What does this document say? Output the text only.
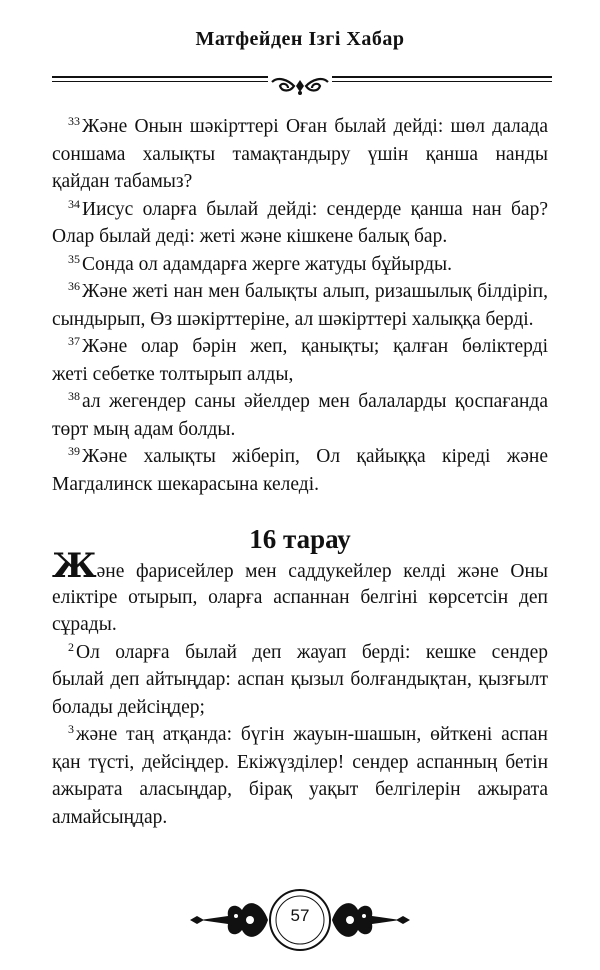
Матфейден Ізгі Хабар
$^{33}$ Және Онын шәкірттері Оған былай дейді: шөл далада
соншама халықты тамақтандыру үшін қанша нанды
қайдан табамыз?
$^{34}$ Иисус оларға былай дейді: сендерде қанша нан бар?
Олар былай деді: жеті және кішкене балық бар.
$^{35}$ Сонда ол адамдарға жерге жатуды бұйырды.
$^{36}$ Және жеті нан мен балықты алып, ризашылық білдіріп,
сындырып, Өз шәкірттеріне, ал шәкірттері халыққа берді.
$^{37}$ Және олар бәрін жеп, қанықты; қалған бөліктерді
жеті себетке толтырып алды,
$^{38}$ ал жегендер саны әйелдер мен балаларды қоспағанда
төрт мың адам болды.
$^{39}$ Және халықты жіберіп, Ол қайыққа кіреді және
Магдалинск шекарасына келеді.
16 тарау
Және фарисейлер мен саддукейлер келді және Оны
еліктіре отырып, оларға аспаннан белгіні көрсетсін деп
сұрады.
$^2$ Ол оларға былай деп жауап берді: кешке сендер
былай деп айтыңдар: аспан қызыл болғандықтан, қызғылт
болады дейсіңдер;
$^3$ және таң атқанда: бүгін жауын-шашын, өйткені аспан
қан түсті, дейсіңдер. Екіжүзділер! сендер аспанның бетін
ажырата аласыңдар, бірақ уақыт белгілерін ажырата
алмайсыңдар.
57
